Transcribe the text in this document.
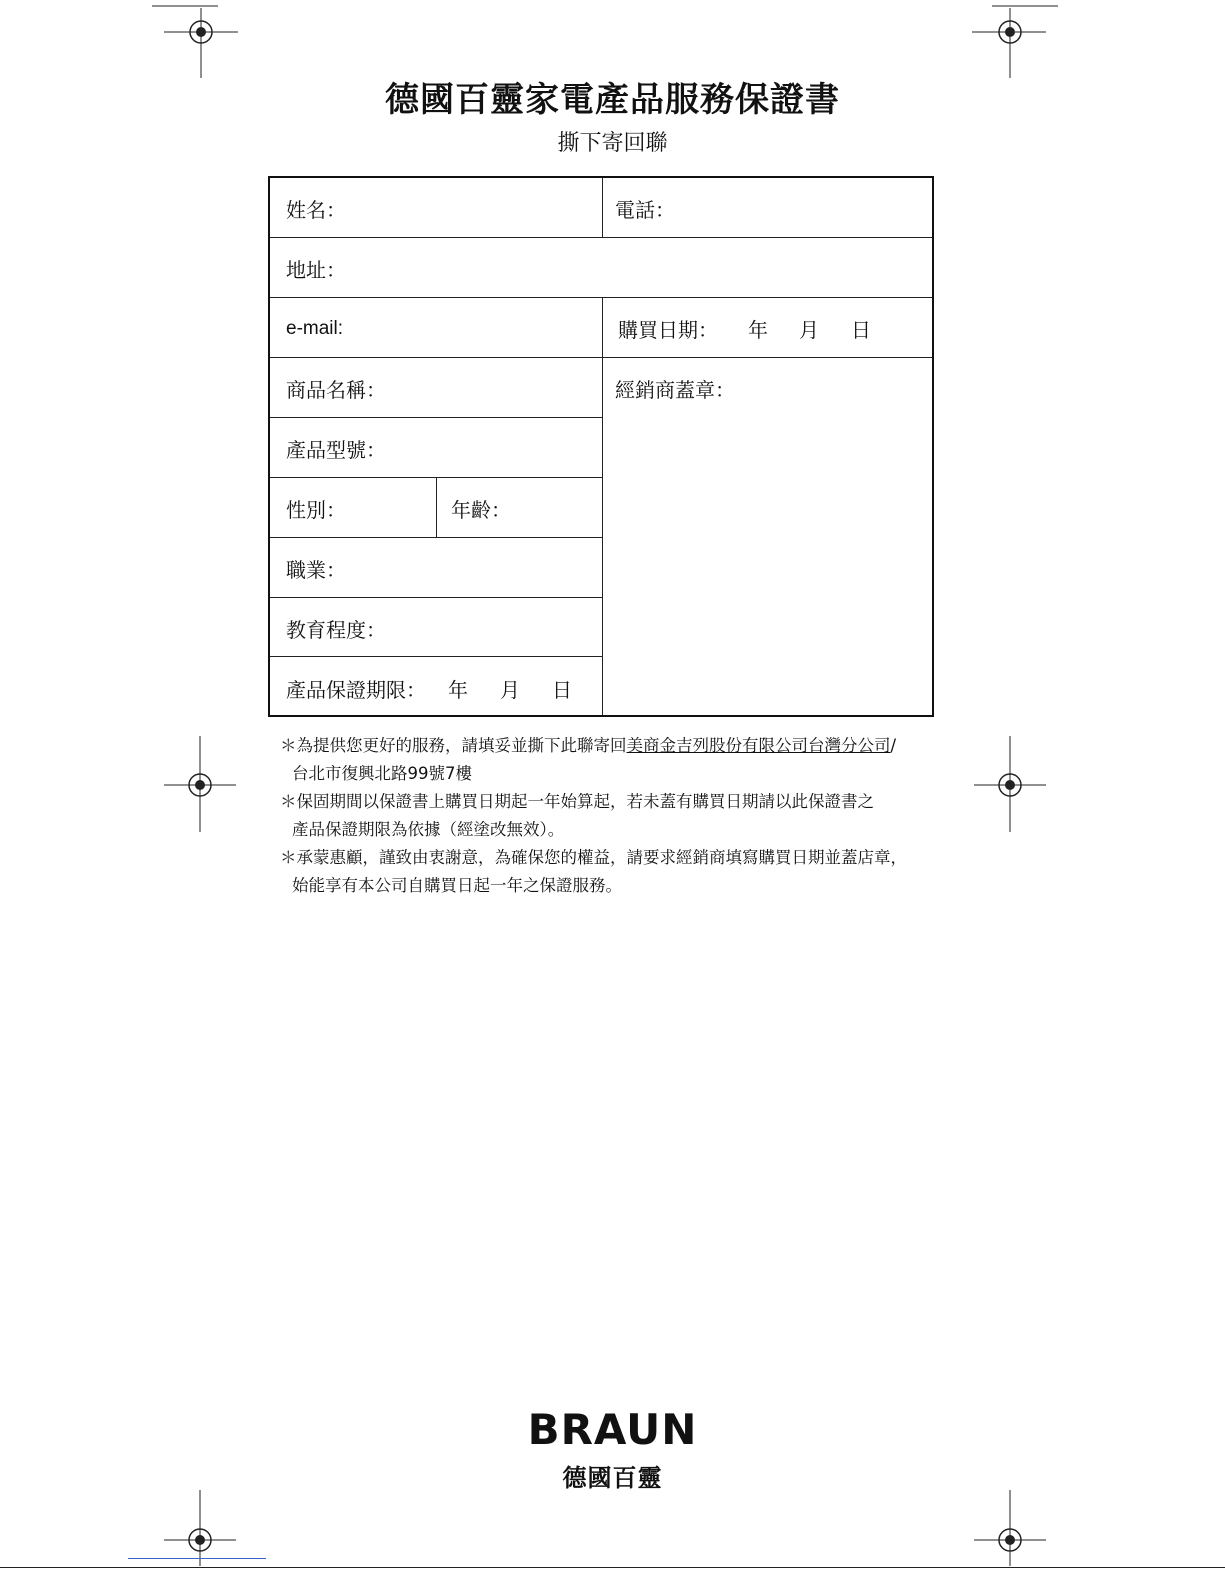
德國百靈家電產品服務保證書
撕下寄回聯
姓名：	電話：
地址：
e-mail:	購買日期： 年 月 日
商品名稱：	經銷商蓋章：
產品型號：
性別：	年齡：
職業：
教育程度：
產品保證期限： 年 月 日
＊為提供您更好的服務，請填妥並撕下此聯寄回美商金吉列股份有限公司台灣分公司/
台北市復興北路99號7樓
＊保固期間以保證書上購買日期起一年始算起，若未蓋有購買日期請以此保證書之
產品保證期限為依據（經塗改無效）。
＊承蒙惠顧，謹致由衷謝意，為確保您的權益，請要求經銷商填寫購買日期並蓋店章，
始能享有本公司自購買日起一年之保證服務。
BRAUN
德國百靈
